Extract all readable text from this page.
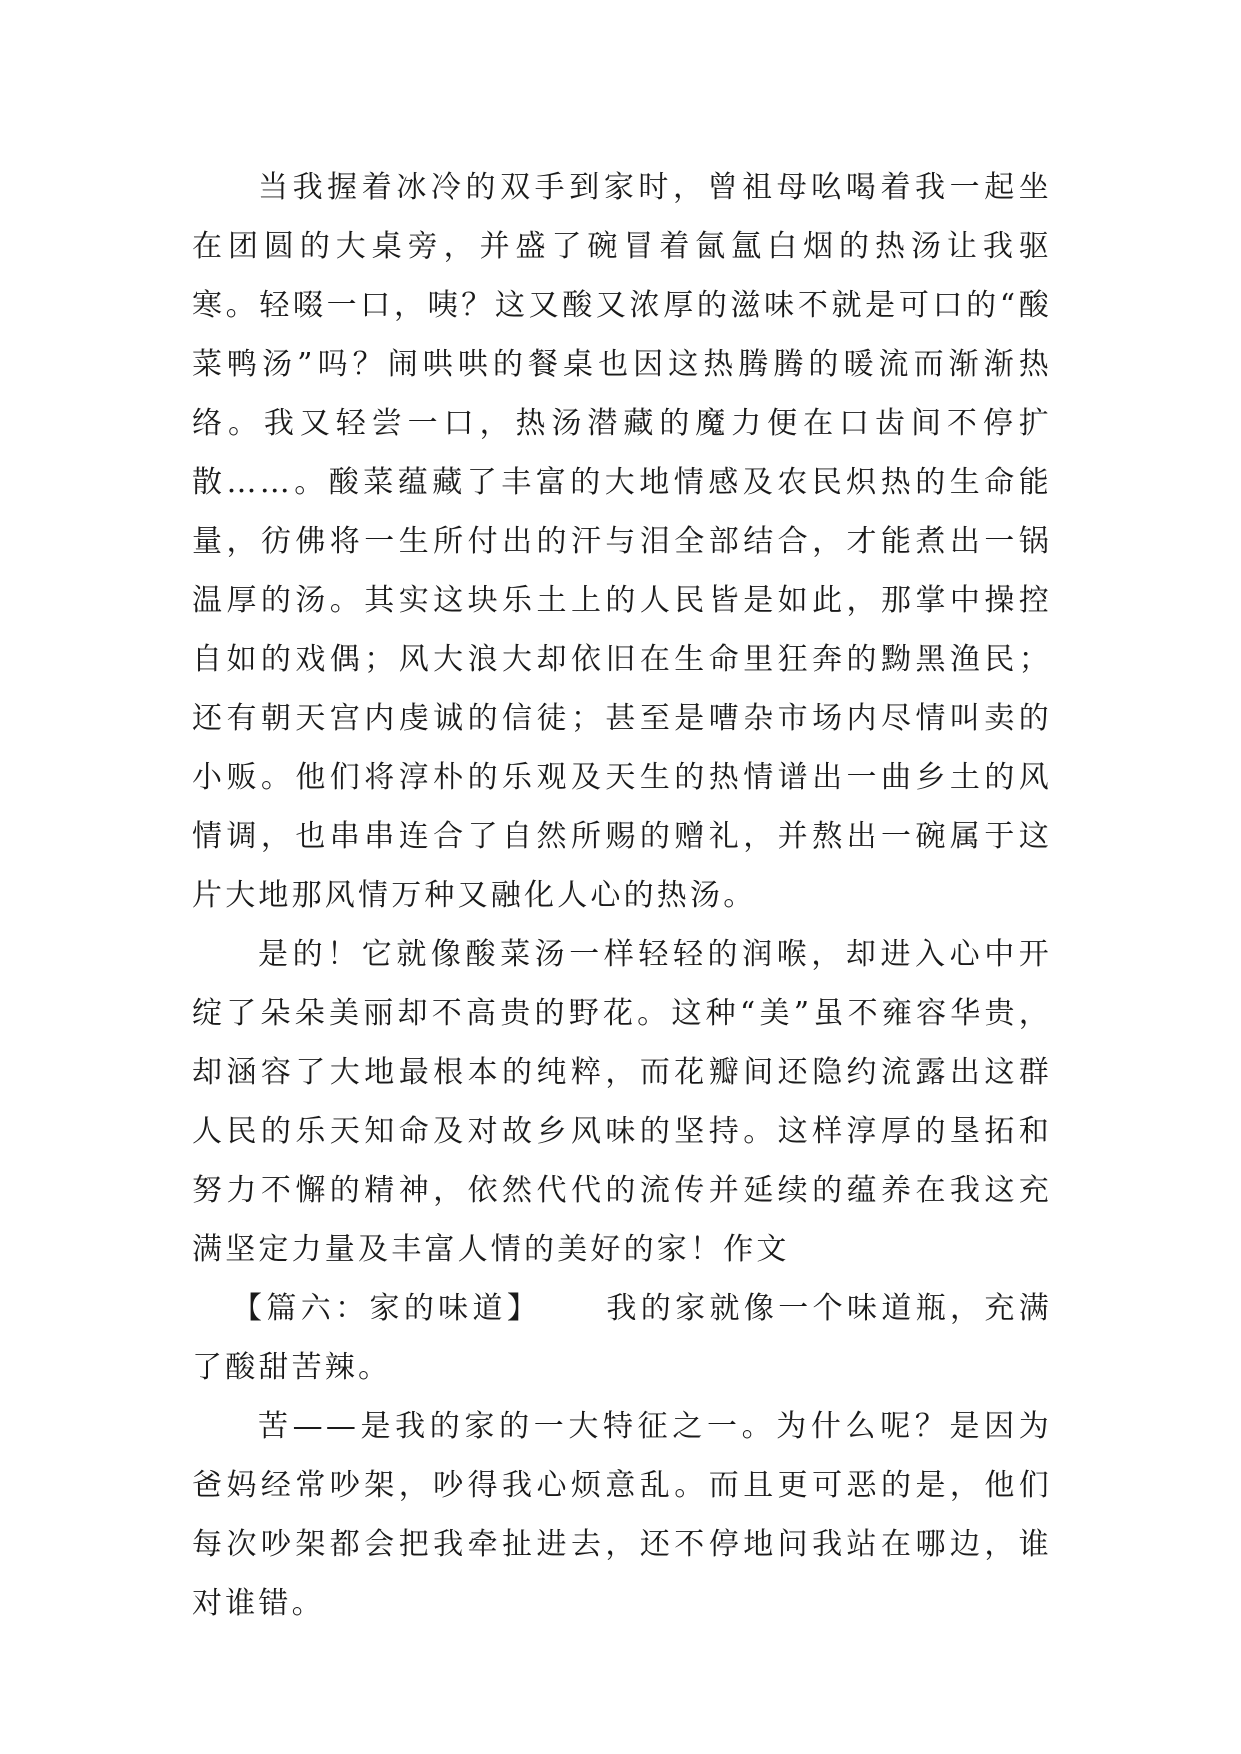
当我握着冰冷的双手到家时，曾祖母吆喝着我一起坐在团圆的大桌旁，并盛了碗冒着氤氲白烟的热汤让我驱寒。轻啜一口，咦？这又酸又浓厚的滋味不就是可口的“酸菜鸭汤”吗？闹哄哄的餐桌也因这热腾腾的暖流而渐渐热络。我又轻尝一口，热汤潜藏的魔力便在口齿间不停扩散……。酸菜蕴藏了丰富的大地情感及农民炽热的生命能量，彷佛将一生所付出的汗与泪全部结合，才能煮出一锅温厚的汤。其实这块乐土上的人民皆是如此，那掌中操控自如的戏偶；风大浪大却依旧在生命里狂奔的黝黑渔民；还有朝天宫内虔诚的信徒；甚至是嘈杂市场内尽情叫卖的小贩。他们将淳朴的乐观及天生的热情谱出一曲乡土的风情调，也串串连合了自然所赐的赠礼，并熬出一碗属于这片大地那风情万种又融化人心的热汤。

是的！它就像酸菜汤一样轻轻的润喉，却进入心中开绽了朵朵美丽却不高贵的野花。这种“美”虽不雍容华贵，却涵容了大地最根本的纯粹，而花瓣间还隐约流露出这群人民的乐天知命及对故乡风味的坚持。这样淳厚的垦拓和努力不懈的精神，依然代代的流传并延续的蕴养在我这充满坚定力量及丰富人情的美好的家！作文

【篇六：家的味道】 我的家就像一个味道瓶，充满了酸甜苦辣。

苦——是我的家的一大特征之一。为什么呢？是因为爸妈经常吵架，吵得我心烦意乱。而且更可恶的是，他们每次吵架都会把我牵扯进去，还不停地问我站在哪边，谁对谁错。
